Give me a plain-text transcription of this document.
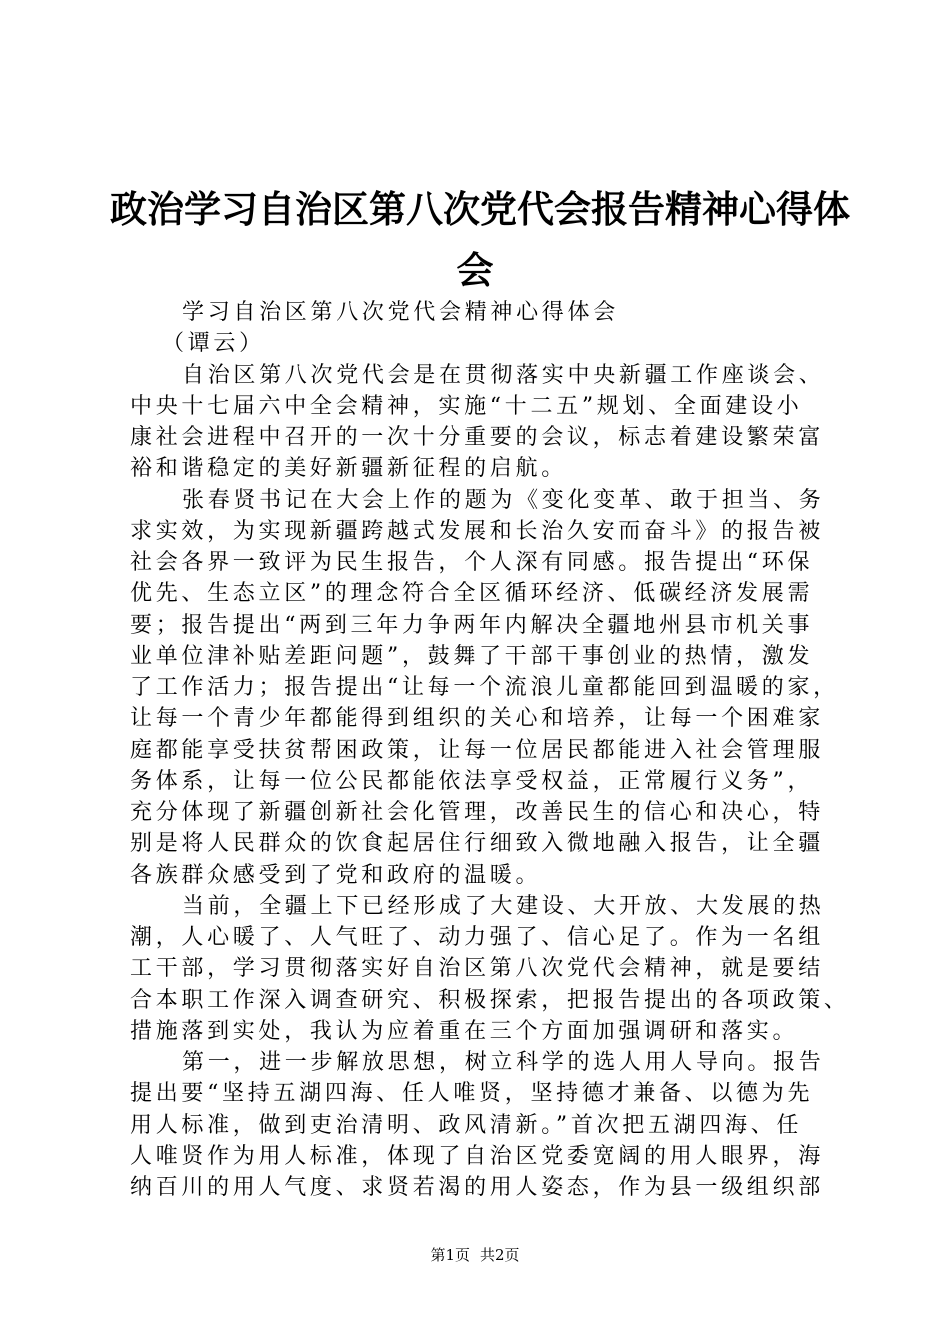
政治学习自治区第八次党代会报告精神心得体
会

学习自治区第八次党代会精神心得体会

（谭云）

自治区第八次党代会是在贯彻落实中央新疆工作座谈会、

中央十七届六中全会精神，实施“十二五”规划、全面建设小

康社会进程中召开的一次十分重要的会议，标志着建设繁荣富

裕和谐稳定的美好新疆新征程的启航。

张春贤书记在大会上作的题为《变化变革、敢于担当、务

求实效，为实现新疆跨越式发展和长治久安而奋斗》的报告被

社会各界一致评为民生报告，个人深有同感。报告提出“环保

优先、生态立区”的理念符合全区循环经济、低碳经济发展需

要；报告提出“两到三年力争两年内解决全疆地州县市机关事

业单位津补贴差距问题”，鼓舞了干部干事创业的热情，激发

了工作活力；报告提出“让每一个流浪儿童都能回到温暖的家，

让每一个青少年都能得到组织的关心和培养，让每一个困难家

庭都能享受扶贫帮困政策，让每一位居民都能进入社会管理服

务体系，让每一位公民都能依法享受权益，正常履行义务”，

充分体现了新疆创新社会化管理，改善民生的信心和决心，特

别是将人民群众的饮食起居住行细致入微地融入报告，让全疆

各族群众感受到了党和政府的温暖。

当前，全疆上下已经形成了大建设、大开放、大发展的热

潮，人心暖了、人气旺了、动力强了、信心足了。作为一名组

工干部，学习贯彻落实好自治区第八次党代会精神，就是要结

合本职工作深入调查研究、积极探索，把报告提出的各项政策、

措施落到实处，我认为应着重在三个方面加强调研和落实。

第一，进一步解放思想，树立科学的选人用人导向。报告

提出要“坚持五湖四海、任人唯贤，坚持德才兼备、以德为先

用人标准，做到吏治清明、政风清新。”首次把五湖四海、任

人唯贤作为用人标准，体现了自治区党委宽阔的用人眼界，海

纳百川的用人气度、求贤若渴的用人姿态，作为县一级组织部

第1页 共2页
